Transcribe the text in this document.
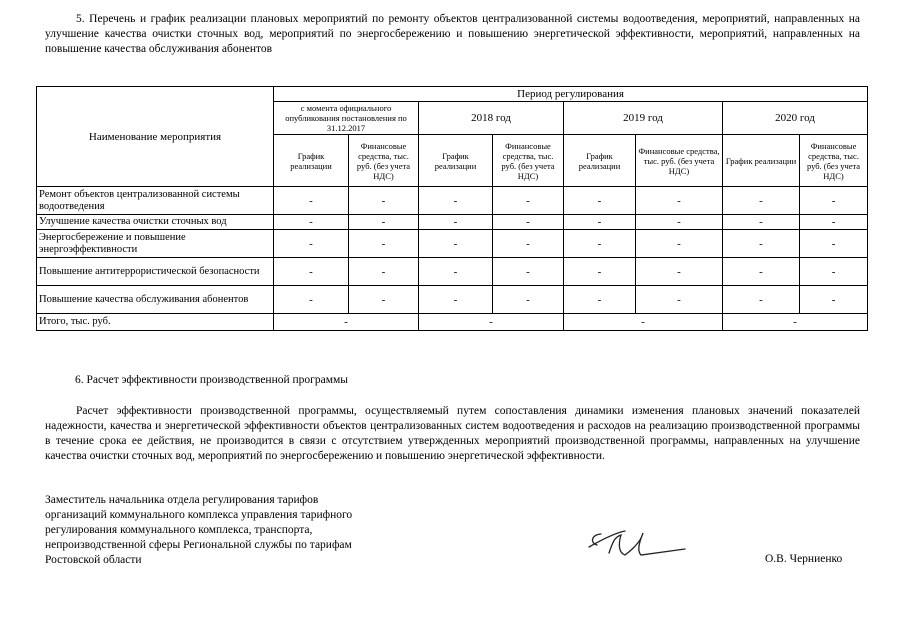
5. Перечень и график реализации плановых мероприятий по ремонту объектов централизованной системы водоотведения, мероприятий, направленных на улучшение качества очистки сточных вод, мероприятий по энергосбережению и повышению энергетической эффективности, мероприятий, направленных на повышение качества обслуживания абонентов
Наименование мероприятия	Период регулирования							
	с момента официального опубликования постановления по 31.12.2017		2018 год		2019 год		2020 год	
	График реализации	Финансовые средства, тыс. руб. (без учета НДС)	График реализации	Финансовые средства, тыс. руб. (без учета НДС)	График реализации	Финансовые средства, тыс. руб. (без учета НДС)	График реализации	Финансовые средства, тыс. руб. (без учета НДС)
Ремонт объектов централизованной системы водоотведения	-	-	-	-	-	-	-	-
Улучшение качества очистки сточных вод	-	-	-	-	-	-	-	-
Энергосбережение и повышение энергоэффективности	-	-	-	-	-	-	-	-
Повышение антитеррористической безопасности	-	-	-	-	-	-	-	-
Повышение качества обслуживания абонентов	-	-	-	-	-	-	-	-
Итого, тыс. руб.	-		-		-		-	
6. Расчет эффективности производственной программы
Расчет эффективности производственной программы, осуществляемый путем сопоставления динамики изменения плановых значений показателей надежности, качества и энергетической эффективности объектов централизованных систем водоотведения и расходов на реализацию производственной программы в течение срока ее действия, не производится в связи с отсутствием утвержденных мероприятий производственной программы, направленных на улучшение качества очистки сточных вод, мероприятий по энергосбережению и повышению энергетической эффективности.
Заместитель начальника отдела регулирования тарифов организаций коммунального комплекса управления тарифного регулирования коммунального комплекса, транспорта, непроизводственной сферы Региональной службы по тарифам Ростовской области	О.В. Черниенко
